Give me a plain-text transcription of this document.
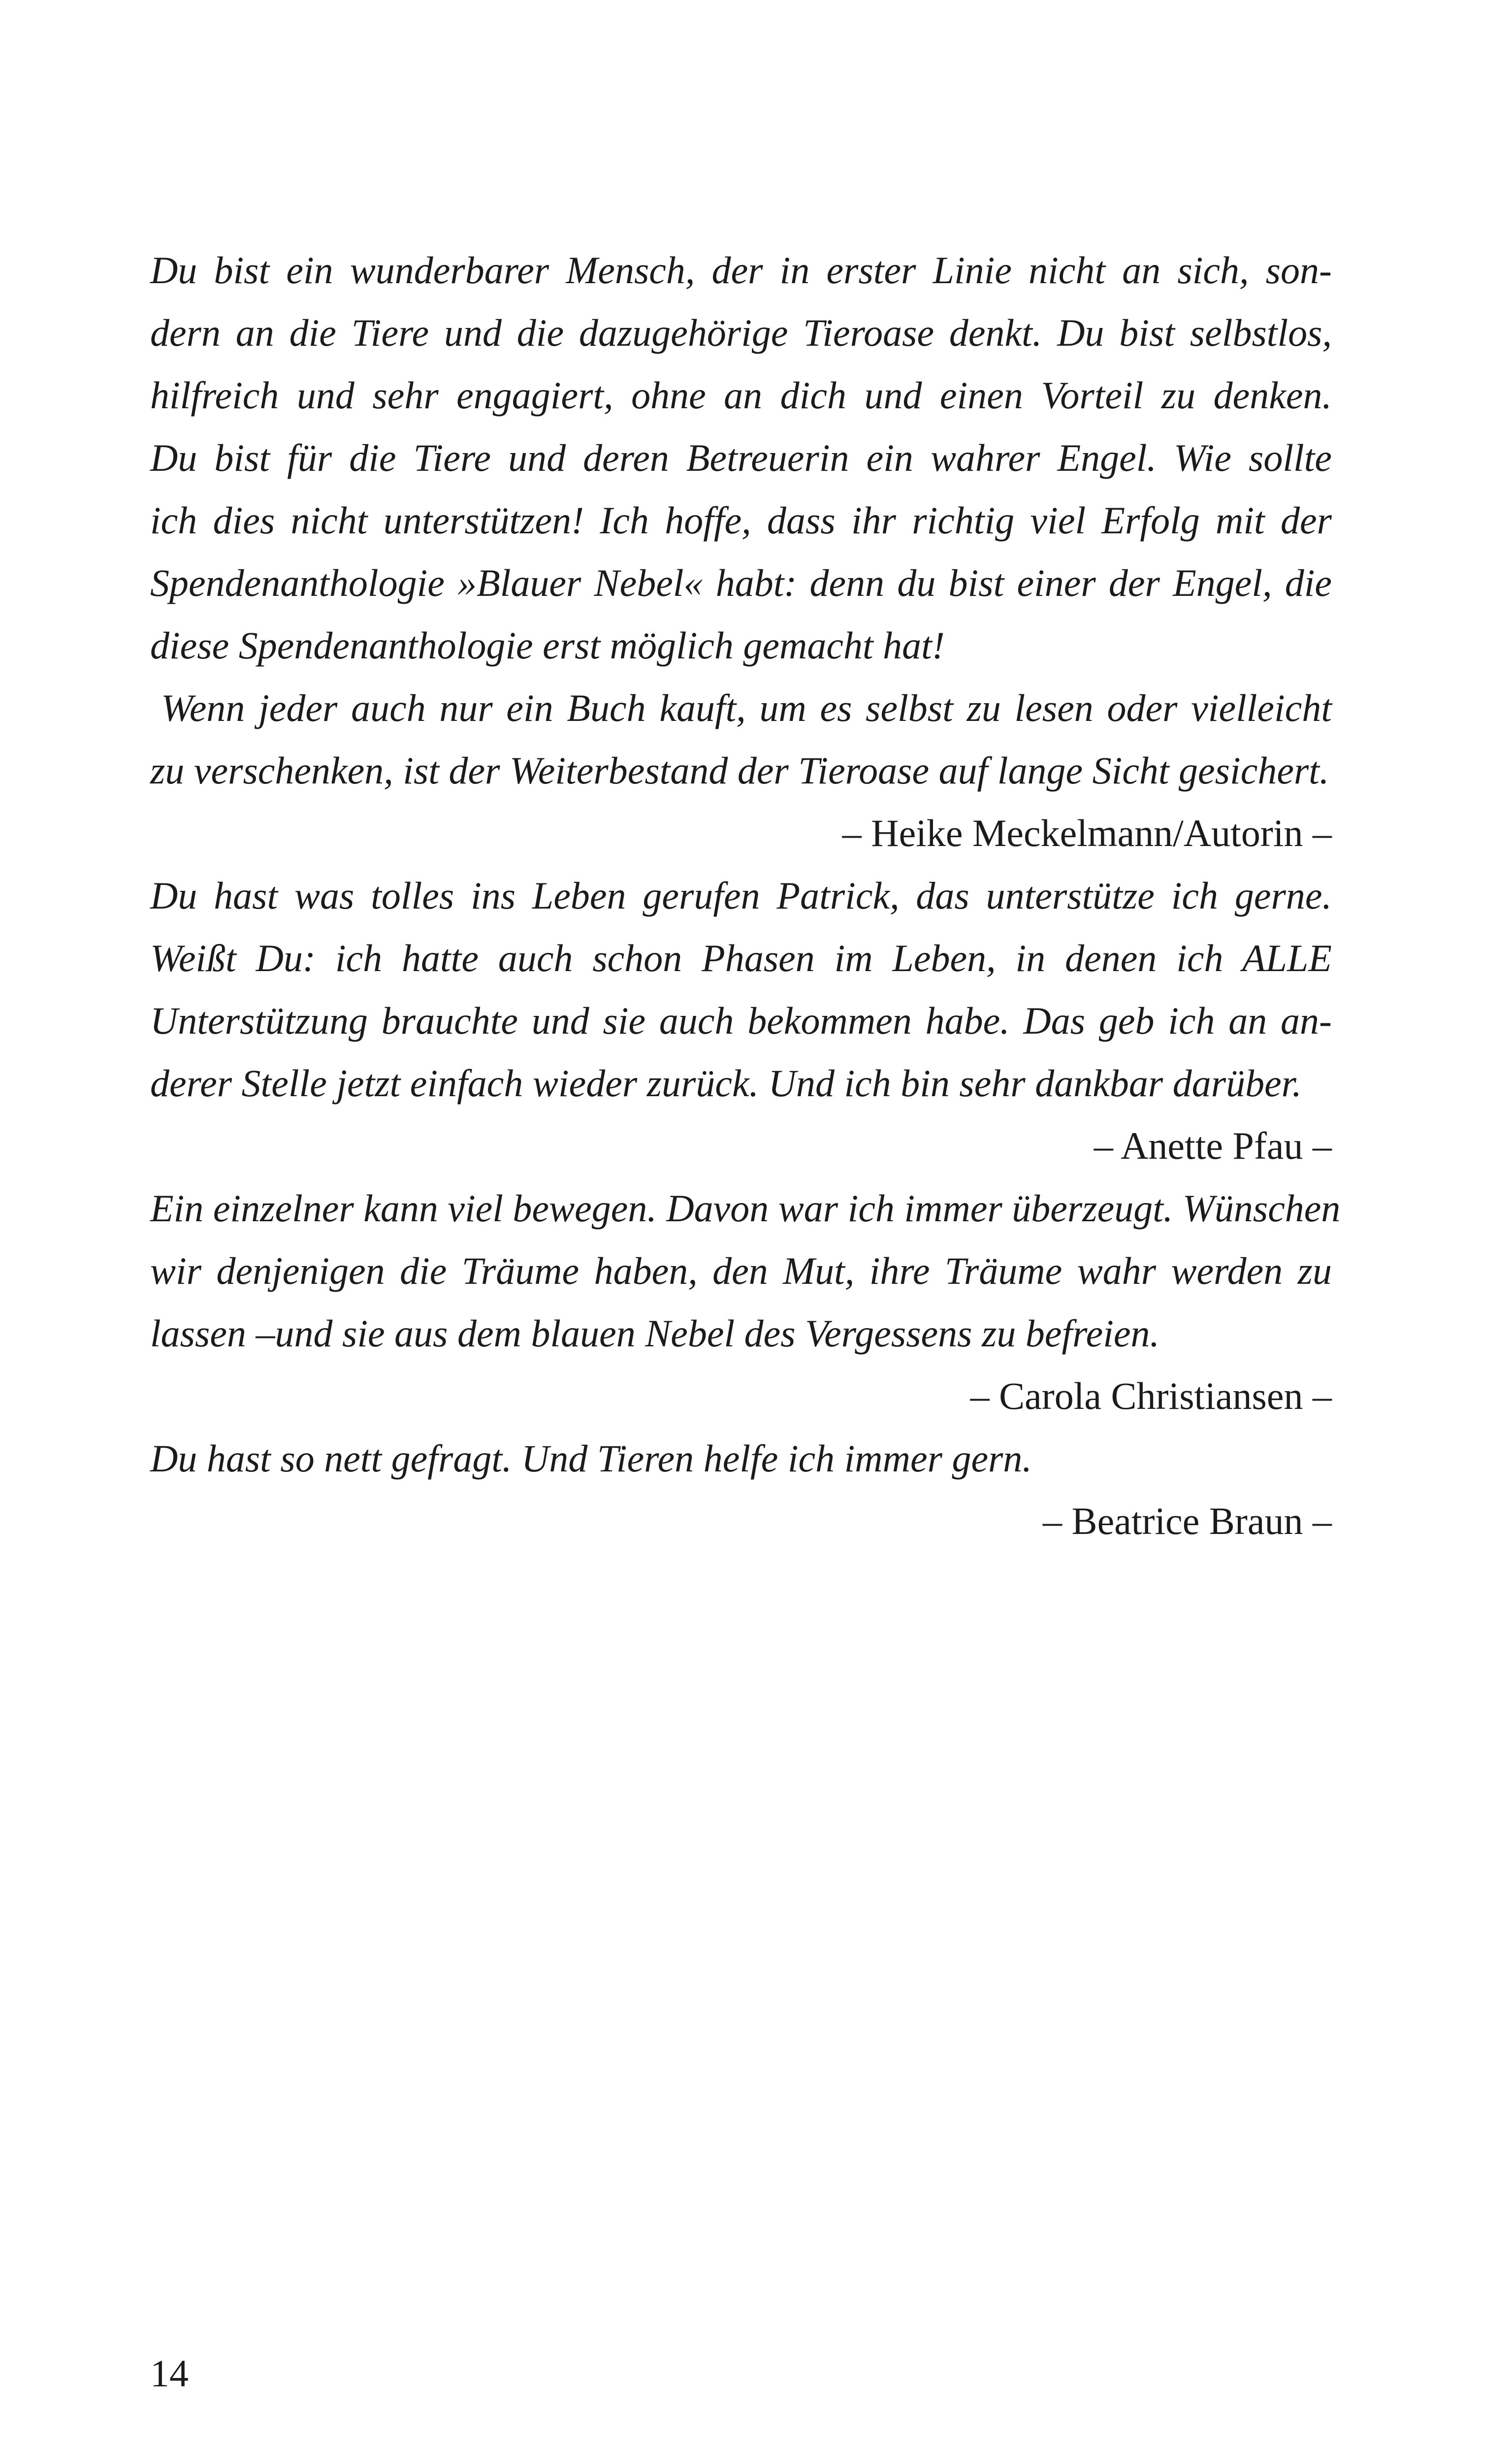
Du bist ein wunderbarer Mensch, der in erster Linie nicht an sich, son-
dern an die Tiere und die dazugehörige Tieroase denkt. Du bist selbstlos,
hilfreich und sehr engagiert, ohne an dich und einen Vorteil zu denken.
Du bist für die Tiere und deren Betreuerin ein wahrer Engel. Wie sollte
ich dies nicht unterstützen! Ich hoffe, dass ihr richtig viel Erfolg mit der
Spendenanthologie »Blauer Nebel« habt: denn du bist einer der Engel, die
diese Spendenanthologie erst möglich gemacht hat!
Wenn jeder auch nur ein Buch kauft, um es selbst zu lesen oder vielleicht
zu verschenken, ist der Weiterbestand der Tieroase auf lange Sicht gesichert.
– Heike Meckelmann/Autorin –
Du hast was tolles ins Leben gerufen Patrick, das unterstütze ich gerne.
Weißt Du: ich hatte auch schon Phasen im Leben, in denen ich ALLE
Unterstützung brauchte und sie auch bekommen habe. Das geb ich an an-
derer Stelle jetzt einfach wieder zurück. Und ich bin sehr dankbar darüber.
– Anette Pfau –
Ein einzelner kann viel bewegen. Davon war ich immer überzeugt. Wünschen
wir denjenigen die Träume haben, den Mut, ihre Träume wahr werden zu
lassen –und sie aus dem blauen Nebel des Vergessens zu befreien.
– Carola Christiansen –
Du hast so nett gefragt. Und Tieren helfe ich immer gern.
– Beatrice Braun –
14
